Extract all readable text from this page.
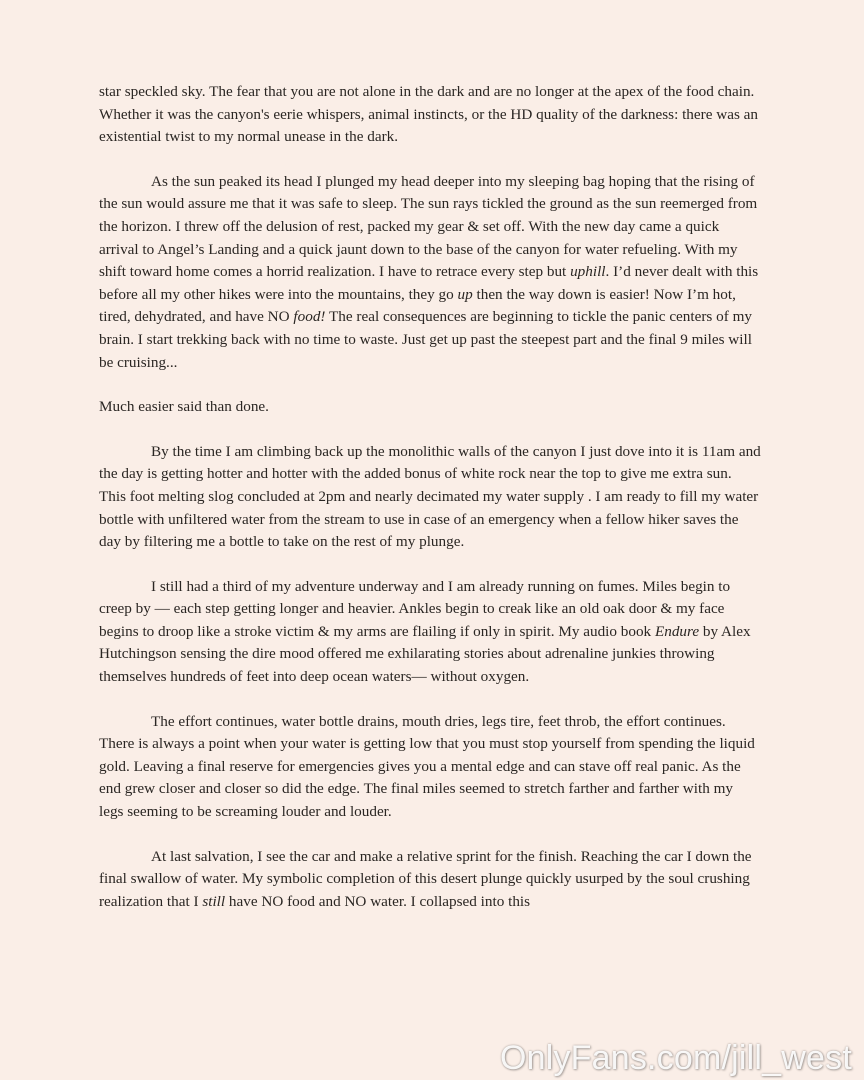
star speckled sky. The fear that you are not alone in the dark and are no longer at the apex of the food chain. Whether it was the canyon's eerie whispers, animal instincts, or the HD quality of the darkness: there was an existential twist to my normal unease in the dark.

As the sun peaked its head I plunged my head deeper into my sleeping bag hoping that the rising of the sun would assure me that it was safe to sleep. The sun rays tickled the ground as the sun reemerged from the horizon. I threw off the delusion of rest, packed my gear & set off. With the new day came a quick arrival to Angel’s Landing and a quick jaunt down to the base of the canyon for water refueling. With my shift toward home comes a horrid realization. I have to retrace every step but uphill. I’d never dealt with this before all my other hikes were into the mountains, they go up then the way down is easier! Now I’m hot, tired, dehydrated, and have NO food! The real consequences are beginning to tickle the panic centers of my brain. I start trekking back with no time to waste. Just get up past the steepest part and the final 9 miles will be cruising...

Much easier said than done.

By the time I am climbing back up the monolithic walls of the canyon I just dove into it is 11am and the day is getting hotter and hotter with the added bonus of white rock near the top to give me extra sun. This foot melting slog concluded at 2pm and nearly decimated my water supply . I am ready to fill my water bottle with unfiltered water from the stream to use in case of an emergency when a fellow hiker saves the day by filtering me a bottle to take on the rest of my plunge.

I still had a third of my adventure underway and I am already running on fumes. Miles begin to creep by — each step getting longer and heavier. Ankles begin to creak like an old oak door & my face begins to droop like a stroke victim & my arms are flailing if only in spirit. My audio book Endure by Alex Hutchingson sensing the dire mood offered me exhilarating stories about adrenaline junkies throwing themselves hundreds of feet into deep ocean waters— without oxygen.

The effort continues, water bottle drains, mouth dries, legs tire, feet throb, the effort continues. There is always a point when your water is getting low that you must stop yourself from spending the liquid gold. Leaving a final reserve for emergencies gives you a mental edge and can stave off real panic. As the end grew closer and closer so did the edge. The final miles seemed to stretch farther and farther with my legs seeming to be screaming louder and louder.

At last salvation, I see the car and make a relative sprint for the finish. Reaching the car I down the final swallow of water. My symbolic completion of this desert plunge quickly usurped by the soul crushing realization that I still have NO food and NO water. I collapsed into this

OnlyFans.com/jill_west
